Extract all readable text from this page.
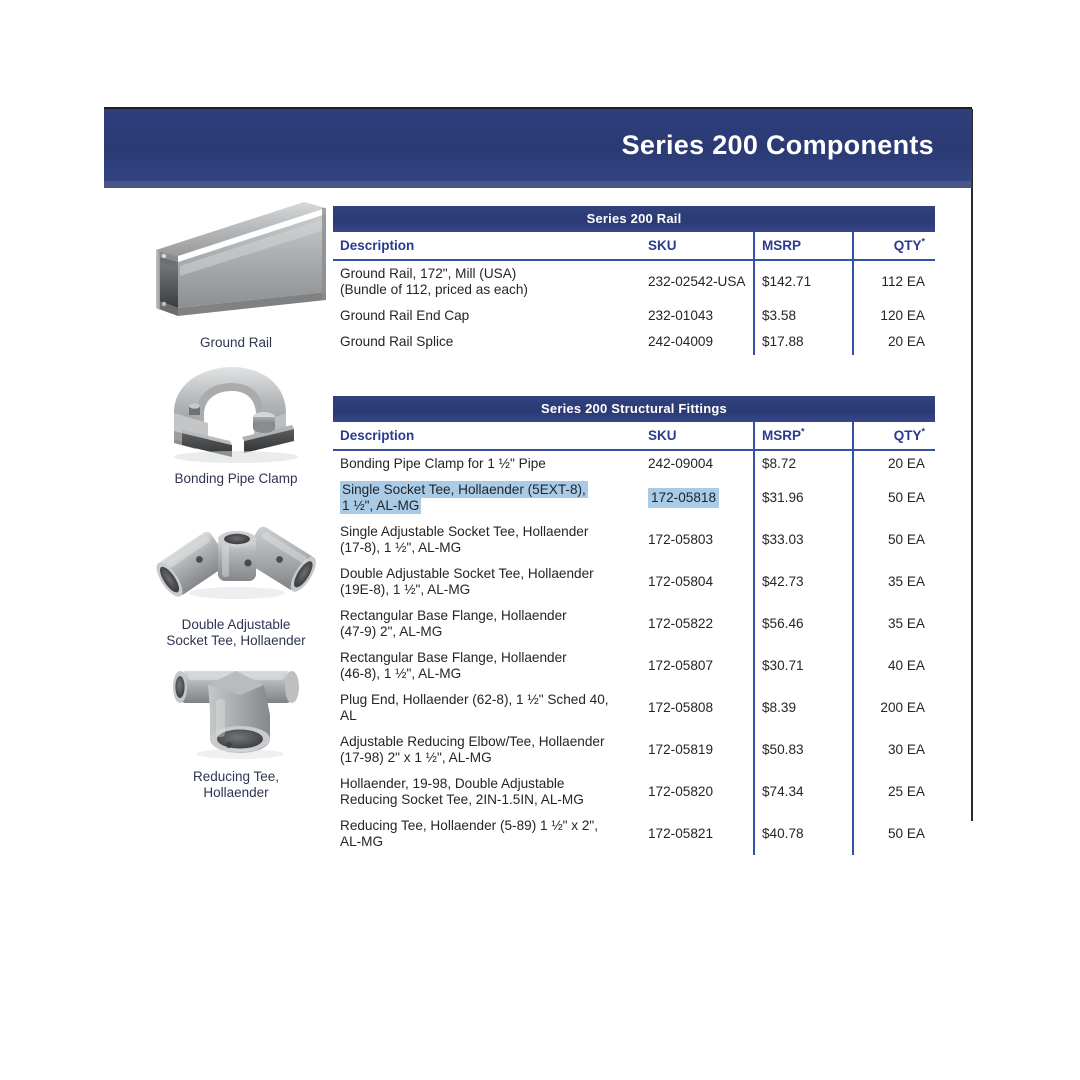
Series 200 Components
Ground Rail
Bonding Pipe Clamp
Double Adjustable
Socket Tee, Hollaender
Reducing Tee,
Hollaender
Series 200 Rail
Description	SKU	MSRP	QTY*
Ground Rail, 172", Mill (USA)
(Bundle of 112, priced as each)	232-02542-USA	$142.71	112 EA
Ground Rail End Cap	232-01043	$3.58	120 EA
Ground Rail Splice	242-04009	$17.88	20 EA
Series 200 Structural Fittings
Description	SKU	MSRP*	QTY*
Bonding Pipe Clamp for 1 ½" Pipe	242-09004	$8.72	20 EA
Single Socket Tee, Hollaender (5EXT-8),
1 ½", AL-MG	172-05818	$31.96	50 EA
Single Adjustable Socket Tee, Hollaender
(17-8), 1 ½", AL-MG	172-05803	$33.03	50 EA
Double Adjustable Socket Tee, Hollaender
(19E-8), 1 ½", AL-MG	172-05804	$42.73	35 EA
Rectangular Base Flange, Hollaender
(47-9) 2", AL-MG	172-05822	$56.46	35 EA
Rectangular Base Flange, Hollaender
(46-8), 1 ½", AL-MG	172-05807	$30.71	40 EA
Plug End, Hollaender (62-8), 1 ½" Sched 40,
AL	172-05808	$8.39	200 EA
Adjustable Reducing Elbow/Tee, Hollaender
(17-98) 2" x 1 ½", AL-MG	172-05819	$50.83	30 EA
Hollaender, 19-98, Double Adjustable
Reducing Socket Tee, 2IN-1.5IN, AL-MG	172-05820	$74.34	25 EA
Reducing Tee, Hollaender (5-89) 1 ½" x 2",
AL-MG	172-05821	$40.78	50 EA
